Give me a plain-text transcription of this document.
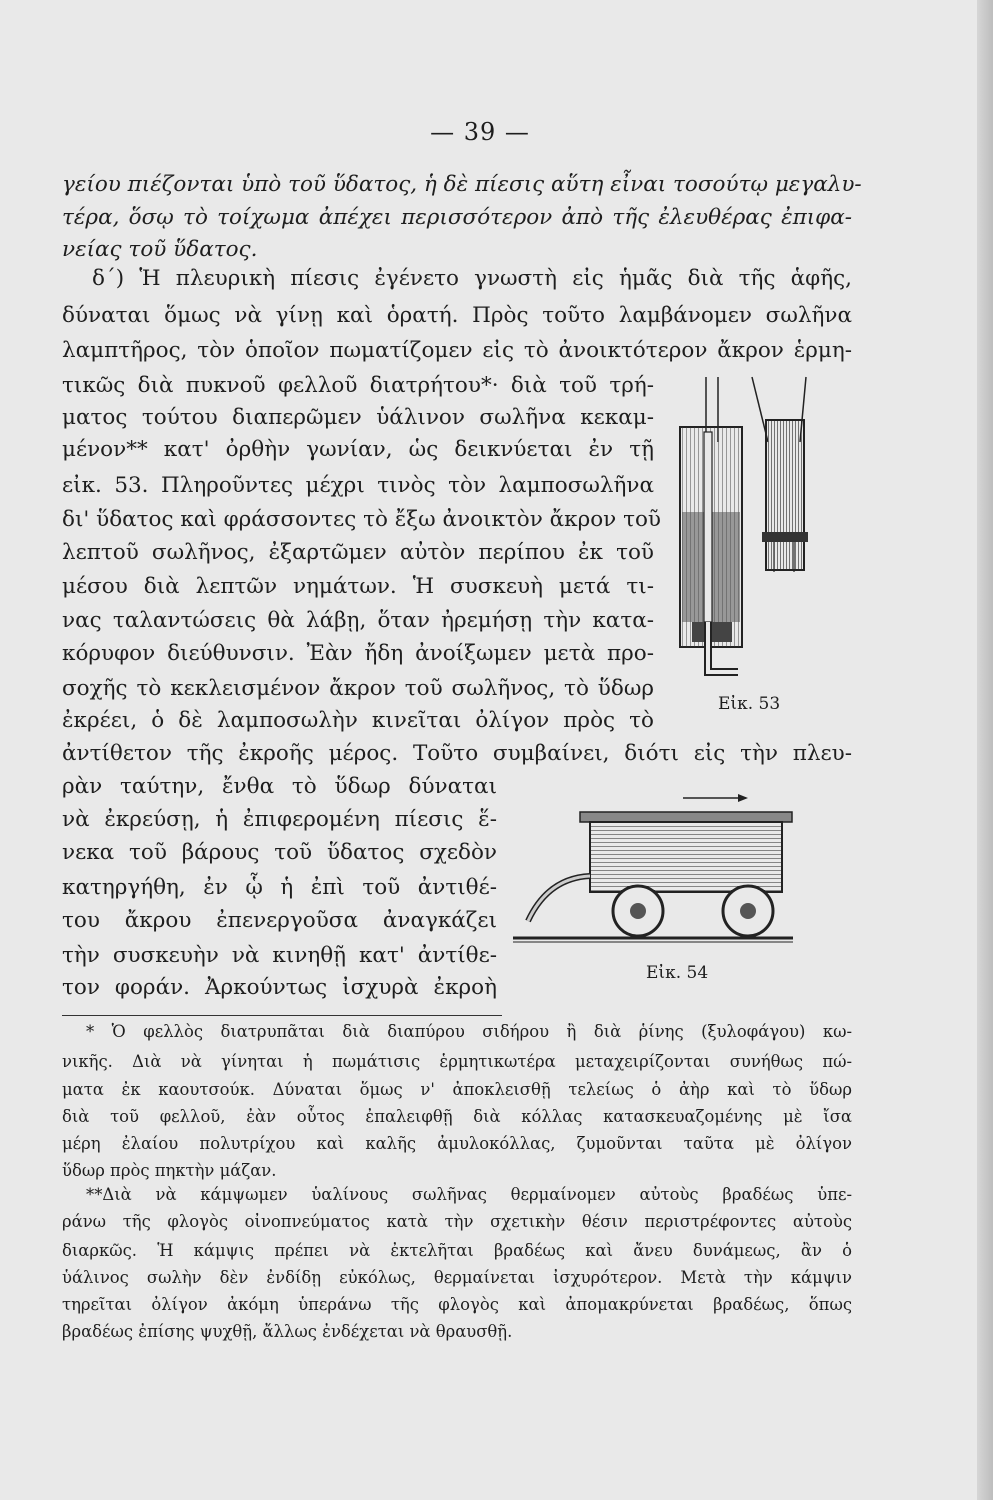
— 39 —
γείου πιέζονται ὑπὸ τοῦ ὕδατος, ἡ δὲ πίεσις αὕτη εἶναι τοσούτῳ μεγαλυ-
τέρα, ὅσῳ τὸ τοίχωμα ἀπέχει περισσότερον ἀπὸ τῆς ἐλευθέρας ἐπιφα-
νείας τοῦ ὕδατος.
δ΄) Ἡ πλευρικὴ πίεσις ἐγένετο γνωστὴ εἰς ἡμᾶς διὰ τῆς ἁφῆς,
δύναται ὅμως νὰ γίνῃ καὶ ὁρατή. Πρὸς τοῦτο λαμβάνομεν σωλῆνα
λαμπτῆρος, τὸν ὁποῖον πωματίζομεν εἰς τὸ ἀνοικτότερον ἄκρον ἑρμη-
τικῶς διὰ πυκνοῦ φελλοῦ διατρήτου*· διὰ τοῦ τρή-
ματος τούτου διαπερῶμεν ὑάλινον σωλῆνα κεκαμ-
μένον** κατ' ὀρθὴν γωνίαν, ὡς δεικνύεται ἐν τῇ
εἰκ. 53. Πληροῦντες μέχρι τινὸς τὸν λαμποσωλῆνα
δι' ὕδατος καὶ φράσσοντες τὸ ἔξω ἀνοικτὸν ἄκρον τοῦ
λεπτοῦ σωλῆνος, ἐξαρτῶμεν αὐτὸν περίπου ἐκ τοῦ
μέσου διὰ λεπτῶν νημάτων. Ἡ συσκευὴ μετά τι-
νας ταλαντώσεις θὰ λάβῃ, ὅταν ἠρεμήσῃ τὴν κατα-
κόρυφον διεύθυνσιν. Ἐὰν ἤδη ἀνοίξωμεν μετὰ προ-
σοχῆς τὸ κεκλεισμένον ἄκρον τοῦ σωλῆνος, τὸ ὕδωρ
ἐκρέει, ὁ δὲ λαμποσωλὴν κινεῖται ὀλίγον πρὸς τὸ
ἀντίθετον τῆς ἐκροῆς μέρος. Τοῦτο συμβαίνει, διότι εἰς τὴν πλευ-
ρὰν ταύτην, ἔνθα τὸ ὕδωρ δύναται
νὰ ἐκρεύσῃ, ἡ ἐπιφερομένη πίεσις ἕ-
νεκα τοῦ βάρους τοῦ ὕδατος σχεδὸν
κατηργήθη, ἐν ᾧ ἡ ἐπὶ τοῦ ἀντιθέ-
του ἄκρου ἐπενεργοῦσα ἀναγκάζει
τὴν συσκευὴν νὰ κινηθῇ κατ' ἀντίθε-
τον φοράν. Ἀρκούντως ἰσχυρὰ ἐκροὴ
Εἰκ. 53
Εἰκ. 54
* Ὁ φελλὸς διατρυπᾶται διὰ διαπύρου σιδήρου ἢ διὰ ῥίνης (ξυλοφάγου) κω-
νικῆς. Διὰ νὰ γίνηται ἡ πωμάτισις ἑρμητικωτέρα μεταχειρίζονται συνήθως πώ-
ματα ἐκ καουτσούκ. Δύναται ὅμως ν' ἀποκλεισθῇ τελείως ὁ ἀὴρ καὶ τὸ ὕδωρ
διὰ τοῦ φελλοῦ, ἐὰν οὗτος ἐπαλειφθῇ διὰ κόλλας κατασκευαζομένης μὲ ἴσα
μέρη ἐλαίου πολυτρίχου καὶ καλῆς ἀμυλοκόλλας, ζυμοῦνται ταῦτα μὲ ὀλίγον
ὕδωρ πρὸς πηκτὴν μάζαν.
**Διὰ νὰ κάμψωμεν ὑαλίνους σωλῆνας θερμαίνομεν αὐτοὺς βραδέως ὑπε-
ράνω τῆς φλογὸς οἰνοπνεύματος κατὰ τὴν σχετικὴν θέσιν περιστρέφοντες αὐτοὺς
διαρκῶς. Ἡ κάμψις πρέπει νὰ ἐκτελῆται βραδέως καὶ ἄνευ δυνάμεως, ἂν ὁ
ὑάλινος σωλὴν δὲν ἐνδίδῃ εὐκόλως, θερμαίνεται ἰσχυρότερον. Μετὰ τὴν κάμψιν
τηρεῖται ὀλίγον ἀκόμη ὑπεράνω τῆς φλογὸς καὶ ἀπομακρύνεται βραδέως, ὅπως
βραδέως ἐπίσης ψυχθῇ, ἄλλως ἐνδέχεται νὰ θραυσθῇ.
